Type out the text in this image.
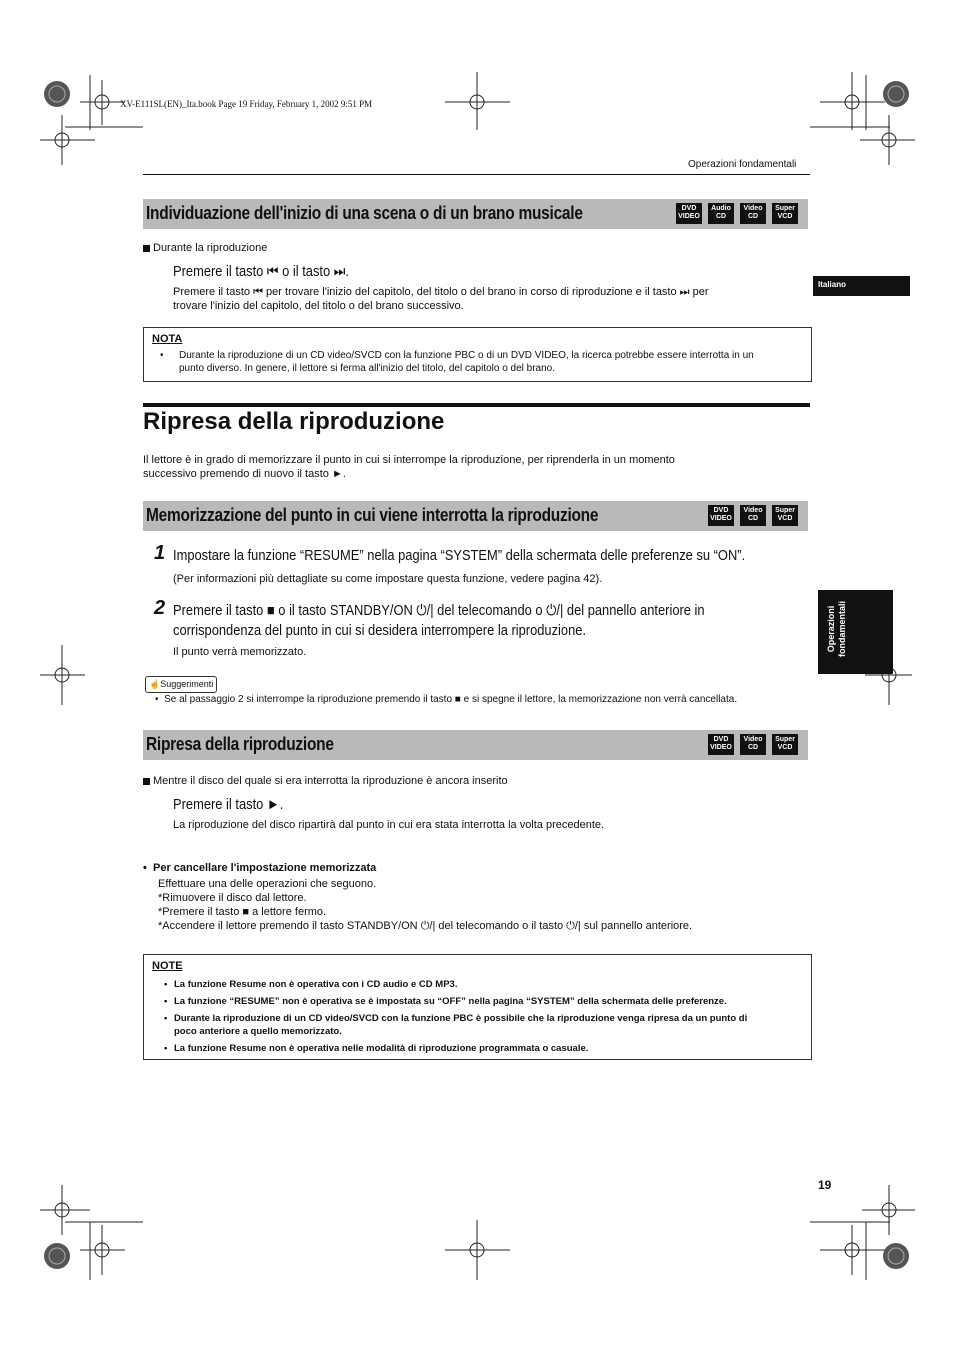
XV-E111SL(EN)_Ita.book Page 19 Friday, February 1, 2002 9:51 PM
Operazioni fondamentali
Italiano
Operazioni fondamentali
Individuazione dell'inizio di una scena o di un brano musicale	DVD
VIDEO
Audio
CD
Video
CD
Super
VCD
Durante la riproduzione
Premere il tasto ⏮ o il tasto ⏭.
Premere il tasto ⏮ per trovare l'inizio del capitolo, del titolo o del brano in corso di riproduzione e il tasto ⏭ per
trovare l'inizio del capitolo, del titolo o del brano successivo.
NOTA
• Durante la riproduzione di un CD video/SVCD con la funzione PBC o di un DVD VIDEO, la ricerca potrebbe essere interrotta in un
punto diverso. In genere, il lettore si ferma all'inizio del titolo, del capitolo o del brano.
Ripresa della riproduzione
Il lettore è in grado di memorizzare il punto in cui si interrompe la riproduzione, per riprenderla in un momento
successivo premendo di nuovo il tasto ►.
Memorizzazione del punto in cui viene interrotta la riproduzione	DVD
VIDEO
Video
CD
Super
VCD
1 Impostare la funzione “RESUME” nella pagina “SYSTEM” della schermata delle preferenze su “ON”.
(Per informazioni più dettagliate su come impostare questa funzione, vedere pagina 42).
2 Premere il tasto ■ o il tasto STANDBY/ON ⏻/| del telecomando o ⏻/| del pannello anteriore in
corrispondenza del punto in cui si desidera interrompere la riproduzione.
Il punto verrà memorizzato.
☝Suggerimenti
• Se al passaggio 2 si interrompe la riproduzione premendo il tasto ■ e si spegne il lettore, la memorizzazione non verrà cancellata.
Ripresa della riproduzione	DVD
VIDEO
Video
CD
Super
VCD
Mentre il disco del quale si era interrotta la riproduzione è ancora inserito
Premere il tasto ►.
La riproduzione del disco ripartirà dal punto in cui era stata interrotta la volta precedente.
• Per cancellare l'impostazione memorizzata
Effettuare una delle operazioni che seguono.
*Rimuovere il disco dal lettore.
*Premere il tasto ■ a lettore fermo.
*Accendere il lettore premendo il tasto STANDBY/ON ⏻/| del telecomando o il tasto ⏻/| sul pannello anteriore.
NOTE
• La funzione Resume non è operativa con i CD audio e CD MP3.
• La funzione “RESUME” non è operativa se è impostata su “OFF” nella pagina “SYSTEM” della schermata delle preferenze.
• Durante la riproduzione di un CD video/SVCD con la funzione PBC è possibile che la riproduzione venga ripresa da un punto di
poco anteriore a quello memorizzato.
• La funzione Resume non è operativa nelle modalità di riproduzione programmata o casuale.
19
